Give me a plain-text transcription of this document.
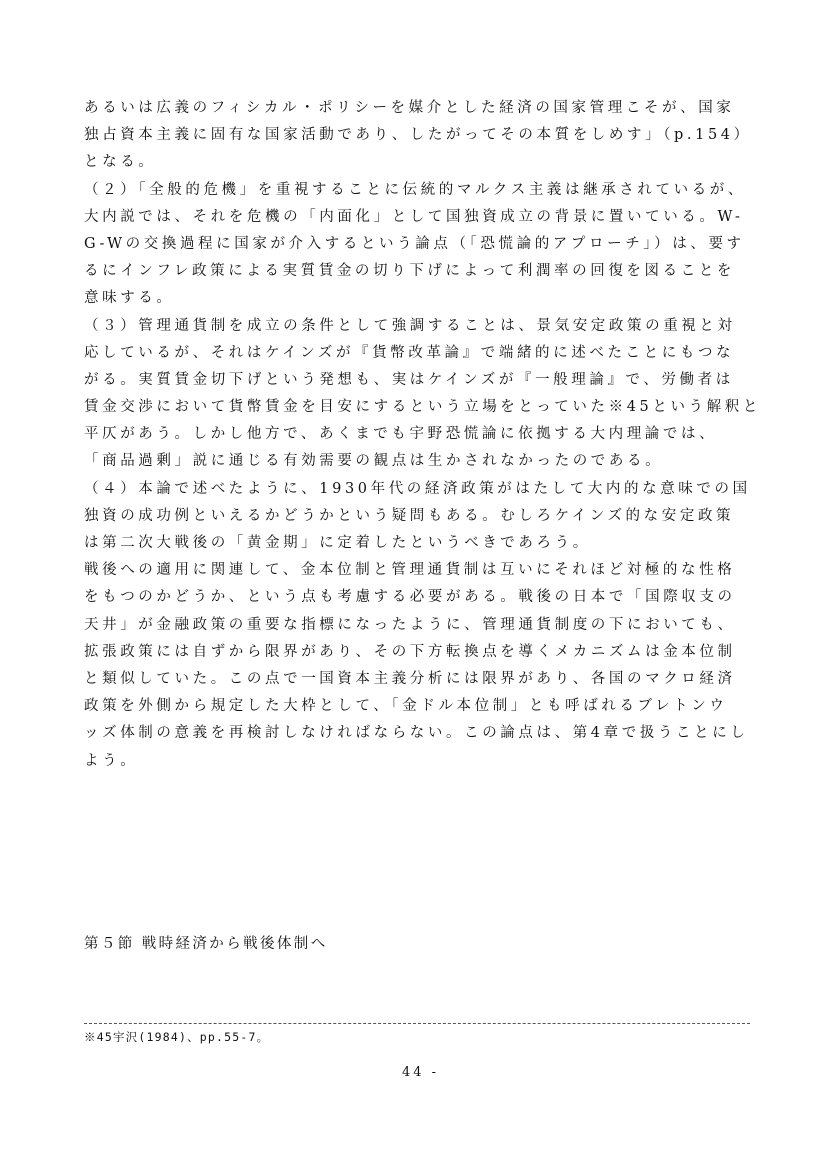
あるいは広義のフィシカル・ポリシーを媒介とした経済の国家管理こそが、国家
独占資本主義に固有な国家活動であり、したがってその本質をしめす」（p.154）
となる。
（２）「全般的危機」を重視することに伝統的マルクス主義は継承されているが、
大内説では、それを危機の「内面化」として国独資成立の背景に置いている。W-
G-Wの交換過程に国家が介入するという論点（「恐慌論的アプローチ」）は、要す
るにインフレ政策による実質賃金の切り下げによって利潤率の回復を図ることを
意味する。
（３）管理通貨制を成立の条件として強調することは、景気安定政策の重視と対
応しているが、それはケインズが『貨幣改革論』で端緒的に述べたことにもつな
がる。実質賃金切下げという発想も、実はケインズが『一般理論』で、労働者は
賃金交渉において貨幣賃金を目安にするという立場をとっていた※45という解釈と
平仄があう。しかし他方で、あくまでも宇野恐慌論に依拠する大内理論では、
「商品過剰」説に通じる有効需要の観点は生かされなかったのである。
（４）本論で述べたように、1930年代の経済政策がはたして大内的な意味での国
独資の成功例といえるかどうかという疑問もある。むしろケインズ的な安定政策
は第二次大戦後の「黄金期」に定着したというべきであろう。
戦後への適用に関連して、金本位制と管理通貨制は互いにそれほど対極的な性格
をもつのかどうか、という点も考慮する必要がある。戦後の日本で「国際収支の
天井」が金融政策の重要な指標になったように、管理通貨制度の下においても、
拡張政策には自ずから限界があり、その下方転換点を導くメカニズムは金本位制
と類似していた。この点で一国資本主義分析には限界があり、各国のマクロ経済
政策を外側から規定した大枠として、「金ドル本位制」とも呼ばれるブレトンウ
ッズ体制の意義を再検討しなければならない。この論点は、第4章で扱うことにし
よう。
第５節 戦時経済から戦後体制へ
※45宇沢(1984)、pp.55-7。
44 -
